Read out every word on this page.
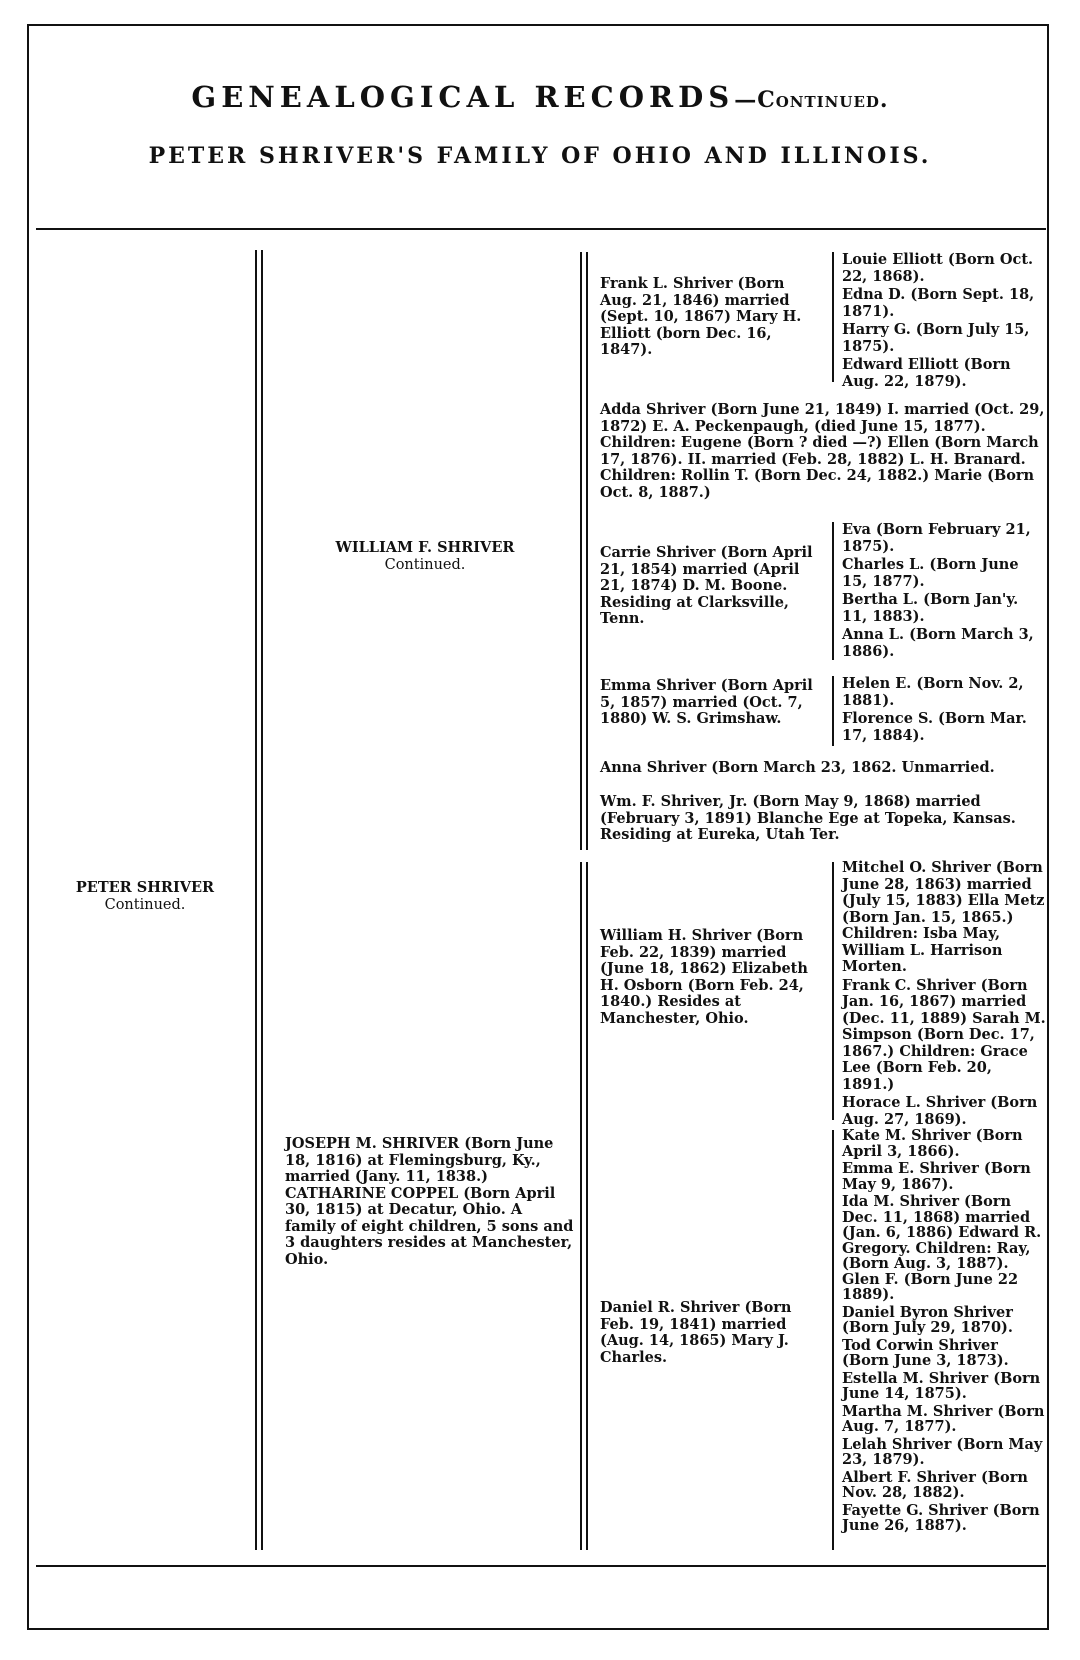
GENEALOGICAL RECORDS—Continued.
PETER SHRIVER'S FAMILY OF OHIO AND ILLINOIS.
PETER SHRIVER
Continued.
WILLIAM F. SHRIVER
Continued.
Frank L. Shriver (Born Aug. 21, 1846) married (Sept. 10, 1867) Mary H. Elliott (born Dec. 16, 1847).
Louie Elliott (Born Oct. 22, 1868).
Edna D. (Born Sept. 18, 1871).
Harry G. (Born July 15, 1875).
Edward Elliott (Born Aug. 22, 1879).
Adda Shriver (Born June 21, 1849) I. married (Oct. 29, 1872) E. A. Peckenpaugh, (died June 15, 1877). Children: Eugene (Born ? died —?) Ellen (Born March 17, 1876). II. married (Feb. 28, 1882) L. H. Branard. Children: Rollin T. (Born Dec. 24, 1882.) Marie (Born Oct. 8, 1887.)
Carrie Shriver (Born April 21, 1854) married (April 21, 1874) D. M. Boone. Residing at Clarksville, Tenn.
Eva (Born February 21, 1875).
Charles L. (Born June 15, 1877).
Bertha L. (Born Jan'y. 11, 1883).
Anna L. (Born March 3, 1886).
Emma Shriver (Born April 5, 1857) married (Oct. 7, 1880) W. S. Grimshaw.
Helen E. (Born Nov. 2, 1881).
Florence S. (Born Mar. 17, 1884).
Anna Shriver (Born March 23, 1862. Unmarried.
Wm. F. Shriver, Jr. (Born May 9, 1868) married (February 3, 1891) Blanche Ege at Topeka, Kansas. Residing at Eureka, Utah Ter.
JOSEPH M. SHRIVER (Born June 18, 1816) at Flemingsburg, Ky., married (Jany. 11, 1838.) CATHARINE COPPEL (Born April 30, 1815) at Decatur, Ohio. A family of eight children, 5 sons and 3 daughters resides at Manchester, Ohio.
William H. Shriver (Born Feb. 22, 1839) married (June 18, 1862) Elizabeth H. Osborn (Born Feb. 24, 1840.) Resides at Manchester, Ohio.
Mitchel O. Shriver (Born June 28, 1863) married (July 15, 1883) Ella Metz (Born Jan. 15, 1865.) Children: Isba May, William L. Harrison Morten.
Frank C. Shriver (Born Jan. 16, 1867) married (Dec. 11, 1889) Sarah M. Simpson (Born Dec. 17, 1867.) Children: Grace Lee (Born Feb. 20, 1891.)
Horace L. Shriver (Born Aug. 27, 1869).
Daniel R. Shriver (Born Feb. 19, 1841) married (Aug. 14, 1865) Mary J. Charles.
Kate M. Shriver (Born April 3, 1866).
Emma E. Shriver (Born May 9, 1867).
Ida M. Shriver (Born Dec. 11, 1868) married (Jan. 6, 1886) Edward R. Gregory. Children: Ray, (Born Aug. 3, 1887). Glen F. (Born June 22 1889).
Daniel Byron Shriver (Born July 29, 1870).
Tod Corwin Shriver (Born June 3, 1873).
Estella M. Shriver (Born June 14, 1875).
Martha M. Shriver (Born Aug. 7, 1877).
Lelah Shriver (Born May 23, 1879).
Albert F. Shriver (Born Nov. 28, 1882).
Fayette G. Shriver (Born June 26, 1887).
